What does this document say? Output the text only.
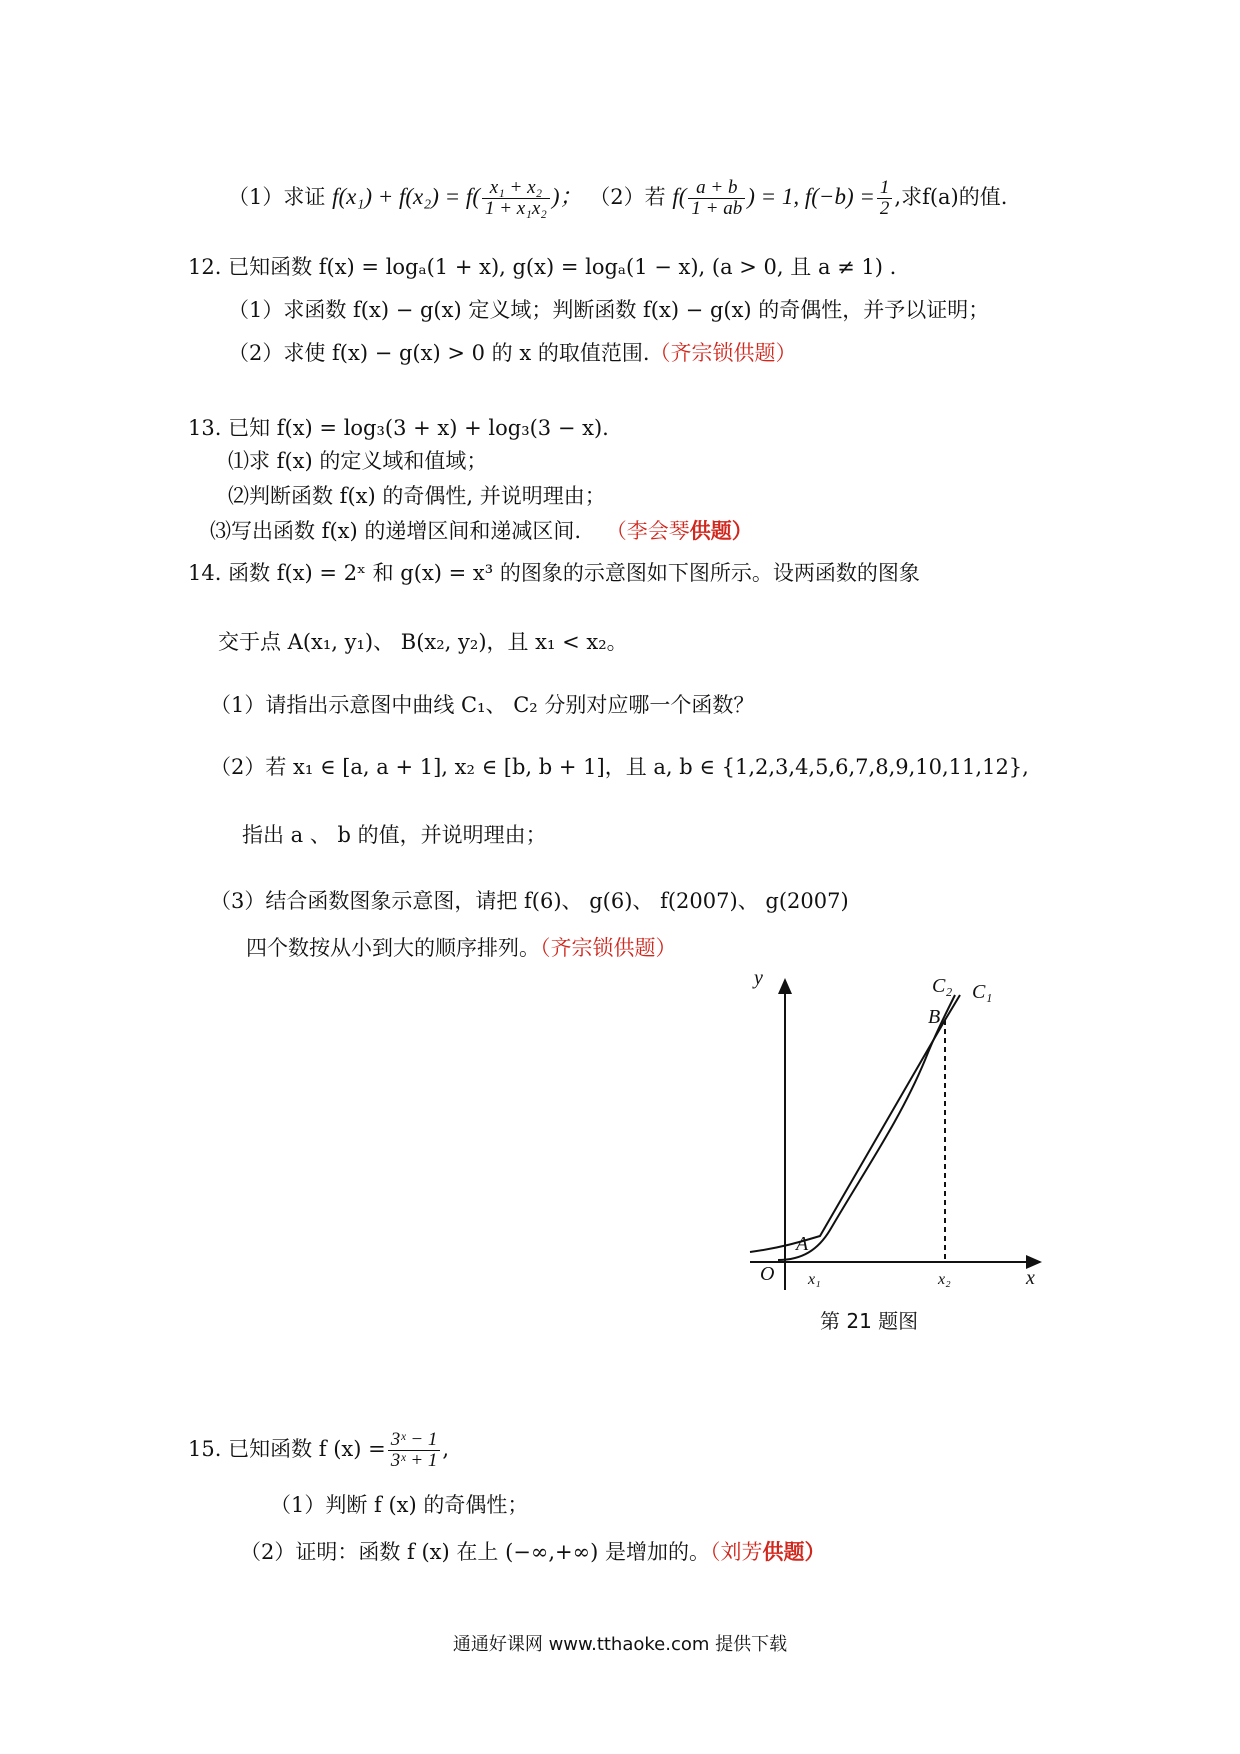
（1）求证 $f(x_1) + f(x_2) = f( \frac{\text{x₁ + x₂}}{\text{1 + x₁x₂}}$ )； （2）若 $f( \frac{a + b}{1 + ab}$ ) = 1, $f(-b) = \frac{1}{2}$ ,求f(a)的值.
12. 已知函数 f(x) = logₐ(1 + x), g(x) = logₐ(1 − x), (a > 0, 且 a ≠ 1) .
（1）求函数 f(x) − g(x) 定义域；判断函数 f(x) − g(x) 的奇偶性，并予以证明；
（2）求使 f(x) − g(x) > 0 的 x 的取值范围.（齐宗锁供题）
13. 已知 f(x) = log₃(3 + x) + log₃(3 − x).
⑴求 f(x) 的定义域和值域；
⑵判断函数 f(x) 的奇偶性, 并说明理由；
⑶写出函数 f(x) 的递增区间和递减区间. （李会琴供题）
14. 函数 f(x) = 2ˣ 和 g(x) = x³ 的图象的示意图如下图所示。设两函数的图象
交于点 A(x₁, y₁)、 B(x₂, y₂)，且 x₁ < x₂。
（1）请指出示意图中曲线 C₁、 C₂ 分别对应哪一个函数？
（2）若 x₁ ∈ [a, a + 1], x₂ ∈ [b, b + 1]，且 a, b ∈ {1,2,3,4,5,6,7,8,9,10,11,12},
指出 a 、 b 的值，并说明理由；
（3）结合函数图象示意图，请把 f(6)、 g(6)、 f(2007)、 g(2007)
四个数按从小到大的顺序排列。（齐宗锁供题）
y
x
O
A
B
C₂ C₁
x₁	x₂
第 21 题图
15. 已知函数 f $(x) = \frac{\text{3ˣ − 1}}{\text{3ˣ + 1}}$ ,
（1）判断 f (x) 的奇偶性；
（2）证明：函数 f (x) 在上 (−∞,+∞) 是增加的。（刘芳供题）
通通好课网 www.tthaoke.com 提供下载
